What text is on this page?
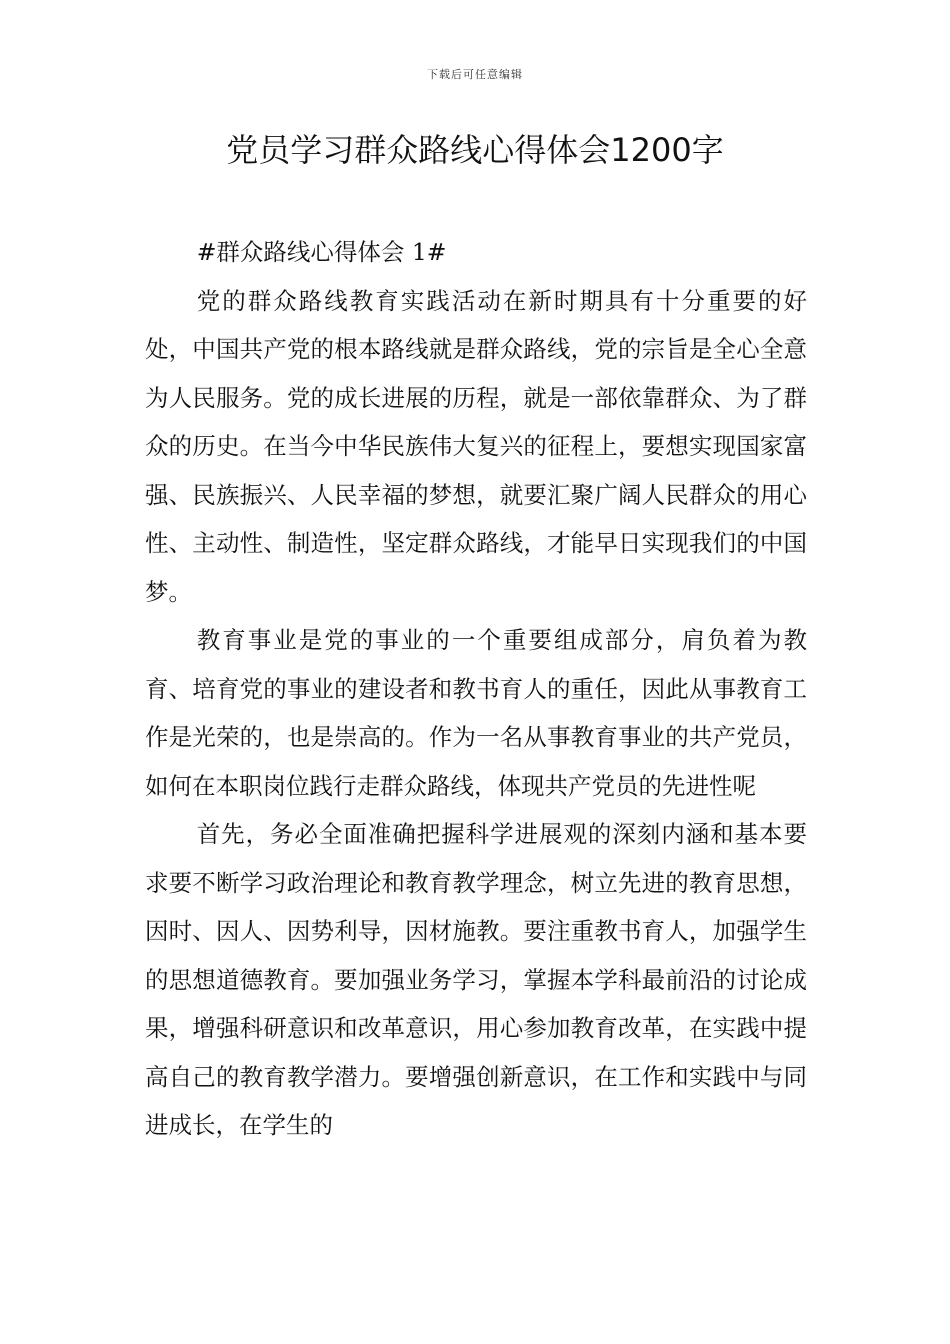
下载后可任意编辑
党员学习群众路线心得体会1200字

#群众路线心得体会 1#

党的群众路线教育实践活动在新时期具有十分重要的好处，中国共产党的根本路线就是群众路线，党的宗旨是全心全意为人民服务。党的成长进展的历程，就是一部依靠群众、为了群众的历史。在当今中华民族伟大复兴的征程上，要想实现国家富强、民族振兴、人民幸福的梦想，就要汇聚广阔人民群众的用心性、主动性、制造性，坚定群众路线，才能早日实现我们的中国梦。

教育事业是党的事业的一个重要组成部分，肩负着为教育、培育党的事业的建设者和教书育人的重任，因此从事教育工作是光荣的，也是崇高的。作为一名从事教育事业的共产党员，如何在本职岗位践行走群众路线，体现共产党员的先进性呢

首先，务必全面准确把握科学进展观的深刻内涵和基本要求要不断学习政治理论和教育教学理念，树立先进的教育思想，因时、因人、因势利导，因材施教。要注重教书育人，加强学生的思想道德教育。要加强业务学习，掌握本学科最前沿的讨论成果，增强科研意识和改革意识，用心参加教育改革，在实践中提高自己的教育教学潜力。要增强创新意识，在工作和实践中与同进成长，在学生的
